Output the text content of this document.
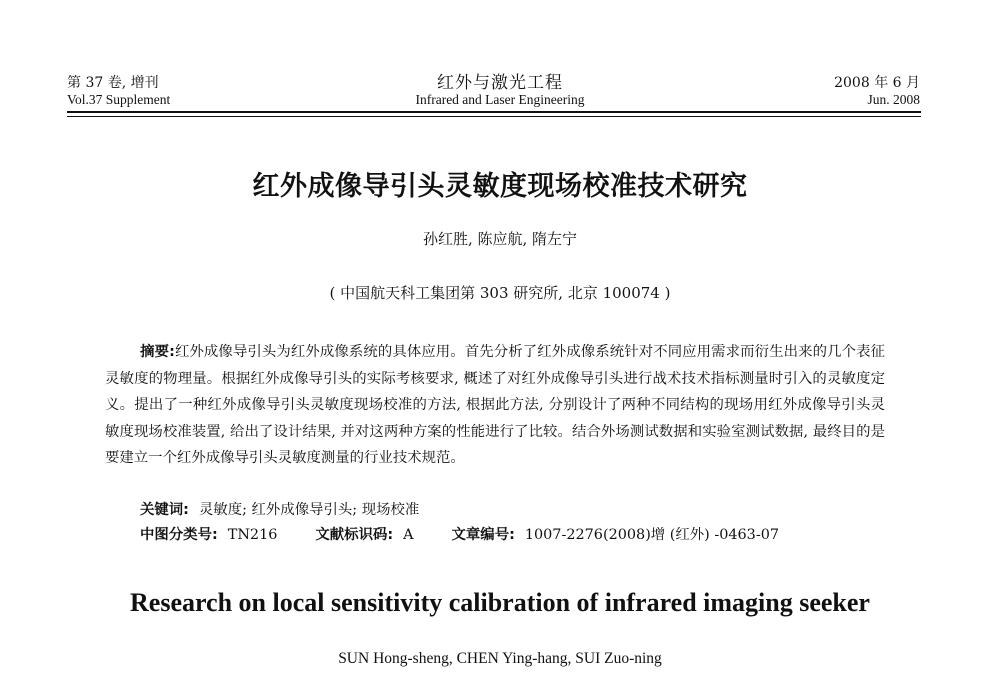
第 37 卷, 增刊
Vol.37 Supplement
红外与激光工程
Infrared and Laser Engineering
2008 年 6 月
Jun. 2008
红外成像导引头灵敏度现场校准技术研究
孙红胜, 陈应航, 隋左宁
( 中国航天科工集团第 303 研究所, 北京 100074 )
摘要:红外成像导引头为红外成像系统的具体应用。首先分析了红外成像系统针对不同应用需求而衍生出来的几个表征灵敏度的物理量。根据红外成像导引头的实际考核要求, 概述了对红外成像导引头进行战术技术指标测量时引入的灵敏度定义。提出了一种红外成像导引头灵敏度现场校准的方法, 根据此方法, 分别设计了两种不同结构的现场用红外成像导引头灵敏度现场校准装置, 给出了设计结果, 并对这两种方案的性能进行了比较。结合外场测试数据和实验室测试数据, 最终目的是要建立一个红外成像导引头灵敏度测量的行业技术规范。
关键词: 灵敏度; 红外成像导引头; 现场校准
中图分类号: TN216	文献标识码: A	文章编号: 1007-2276(2008)增 (红外) -0463-07
Research on local sensitivity calibration of infrared imaging seeker
SUN Hong-sheng, CHEN Ying-hang, SUI Zuo-ning
